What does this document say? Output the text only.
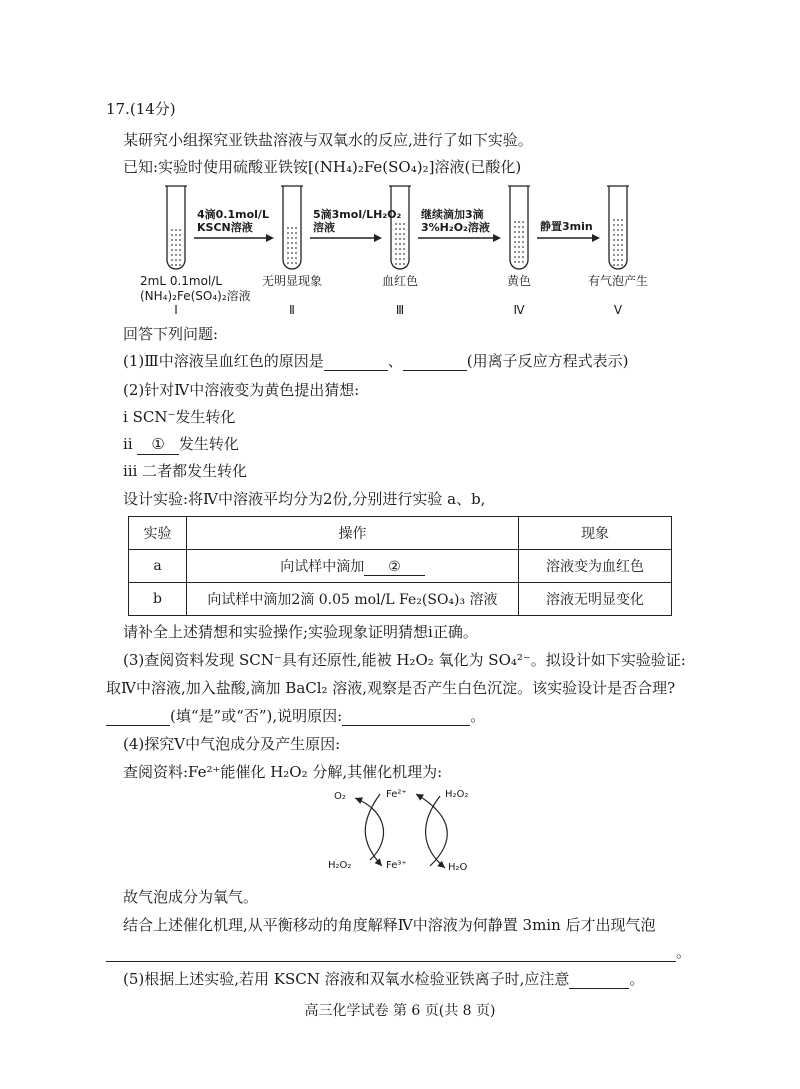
17.(14分)
某研究小组探究亚铁盐溶液与双氧水的反应,进行了如下实验。
已知:实验时使用硫酸亚铁铵[(NH₄)₂Fe(SO₄)₂]溶液(已酸化)
2mL 0.1mol/L
(NH₄)₂Fe(SO₄)₂溶液
Ⅰ
无明显现象
Ⅱ
血红色
Ⅲ
黄色
Ⅳ
有气泡产生
Ⅴ
4滴0.1mol/L
KSCN溶液
5滴3mol/LH₂O₂
溶液
继续滴加3滴
3%H₂O₂溶液	静置3min
回答下列问题:
(1)Ⅲ中溶液呈血红色的原因是	、	(用离子反应方程式表示)
(2)针对Ⅳ中溶液变为黄色提出猜想:
ⅰ SCN⁻发生转化
ⅱ ① 发生转化
ⅲ 二者都发生转化
设计实验:将Ⅳ中溶液平均分为2份,分别进行实验 a、b,
实验	操作	现象
a	向试样中滴加 ②	溶液变为血红色
b	向试样中滴加2滴 0.05 mol/L Fe₂(SO₄)₃ 溶液	溶液无明显变化
请补全上述猜想和实验操作;实验现象证明猜想ⅰ正确。
(3)查阅资料发现 SCN⁻具有还原性,能被 H₂O₂ 氧化为 SO₄²⁻。拟设计如下实验验证:
取Ⅳ中溶液,加入盐酸,滴加 BaCl₂ 溶液,观察是否产生白色沉淀。该实验设计是否合理?
(填“是”或“否”),说明原因:	。
(4)探究Ⅴ中气泡成分及产生原因:
查阅资料:Fe²⁺能催化 H₂O₂ 分解,其催化机理为:
O₂	Fe²⁺	H₂O₂
H₂O₂	Fe³⁺	H₂O
故气泡成分为氧气。
结合上述催化机理,从平衡移动的角度解释Ⅳ中溶液为何静置 3min 后才出现气泡
。
(5)根据上述实验,若用 KSCN 溶液和双氧水检验亚铁离子时,应注意	。
高三化学试卷 第 6 页(共 8 页)
